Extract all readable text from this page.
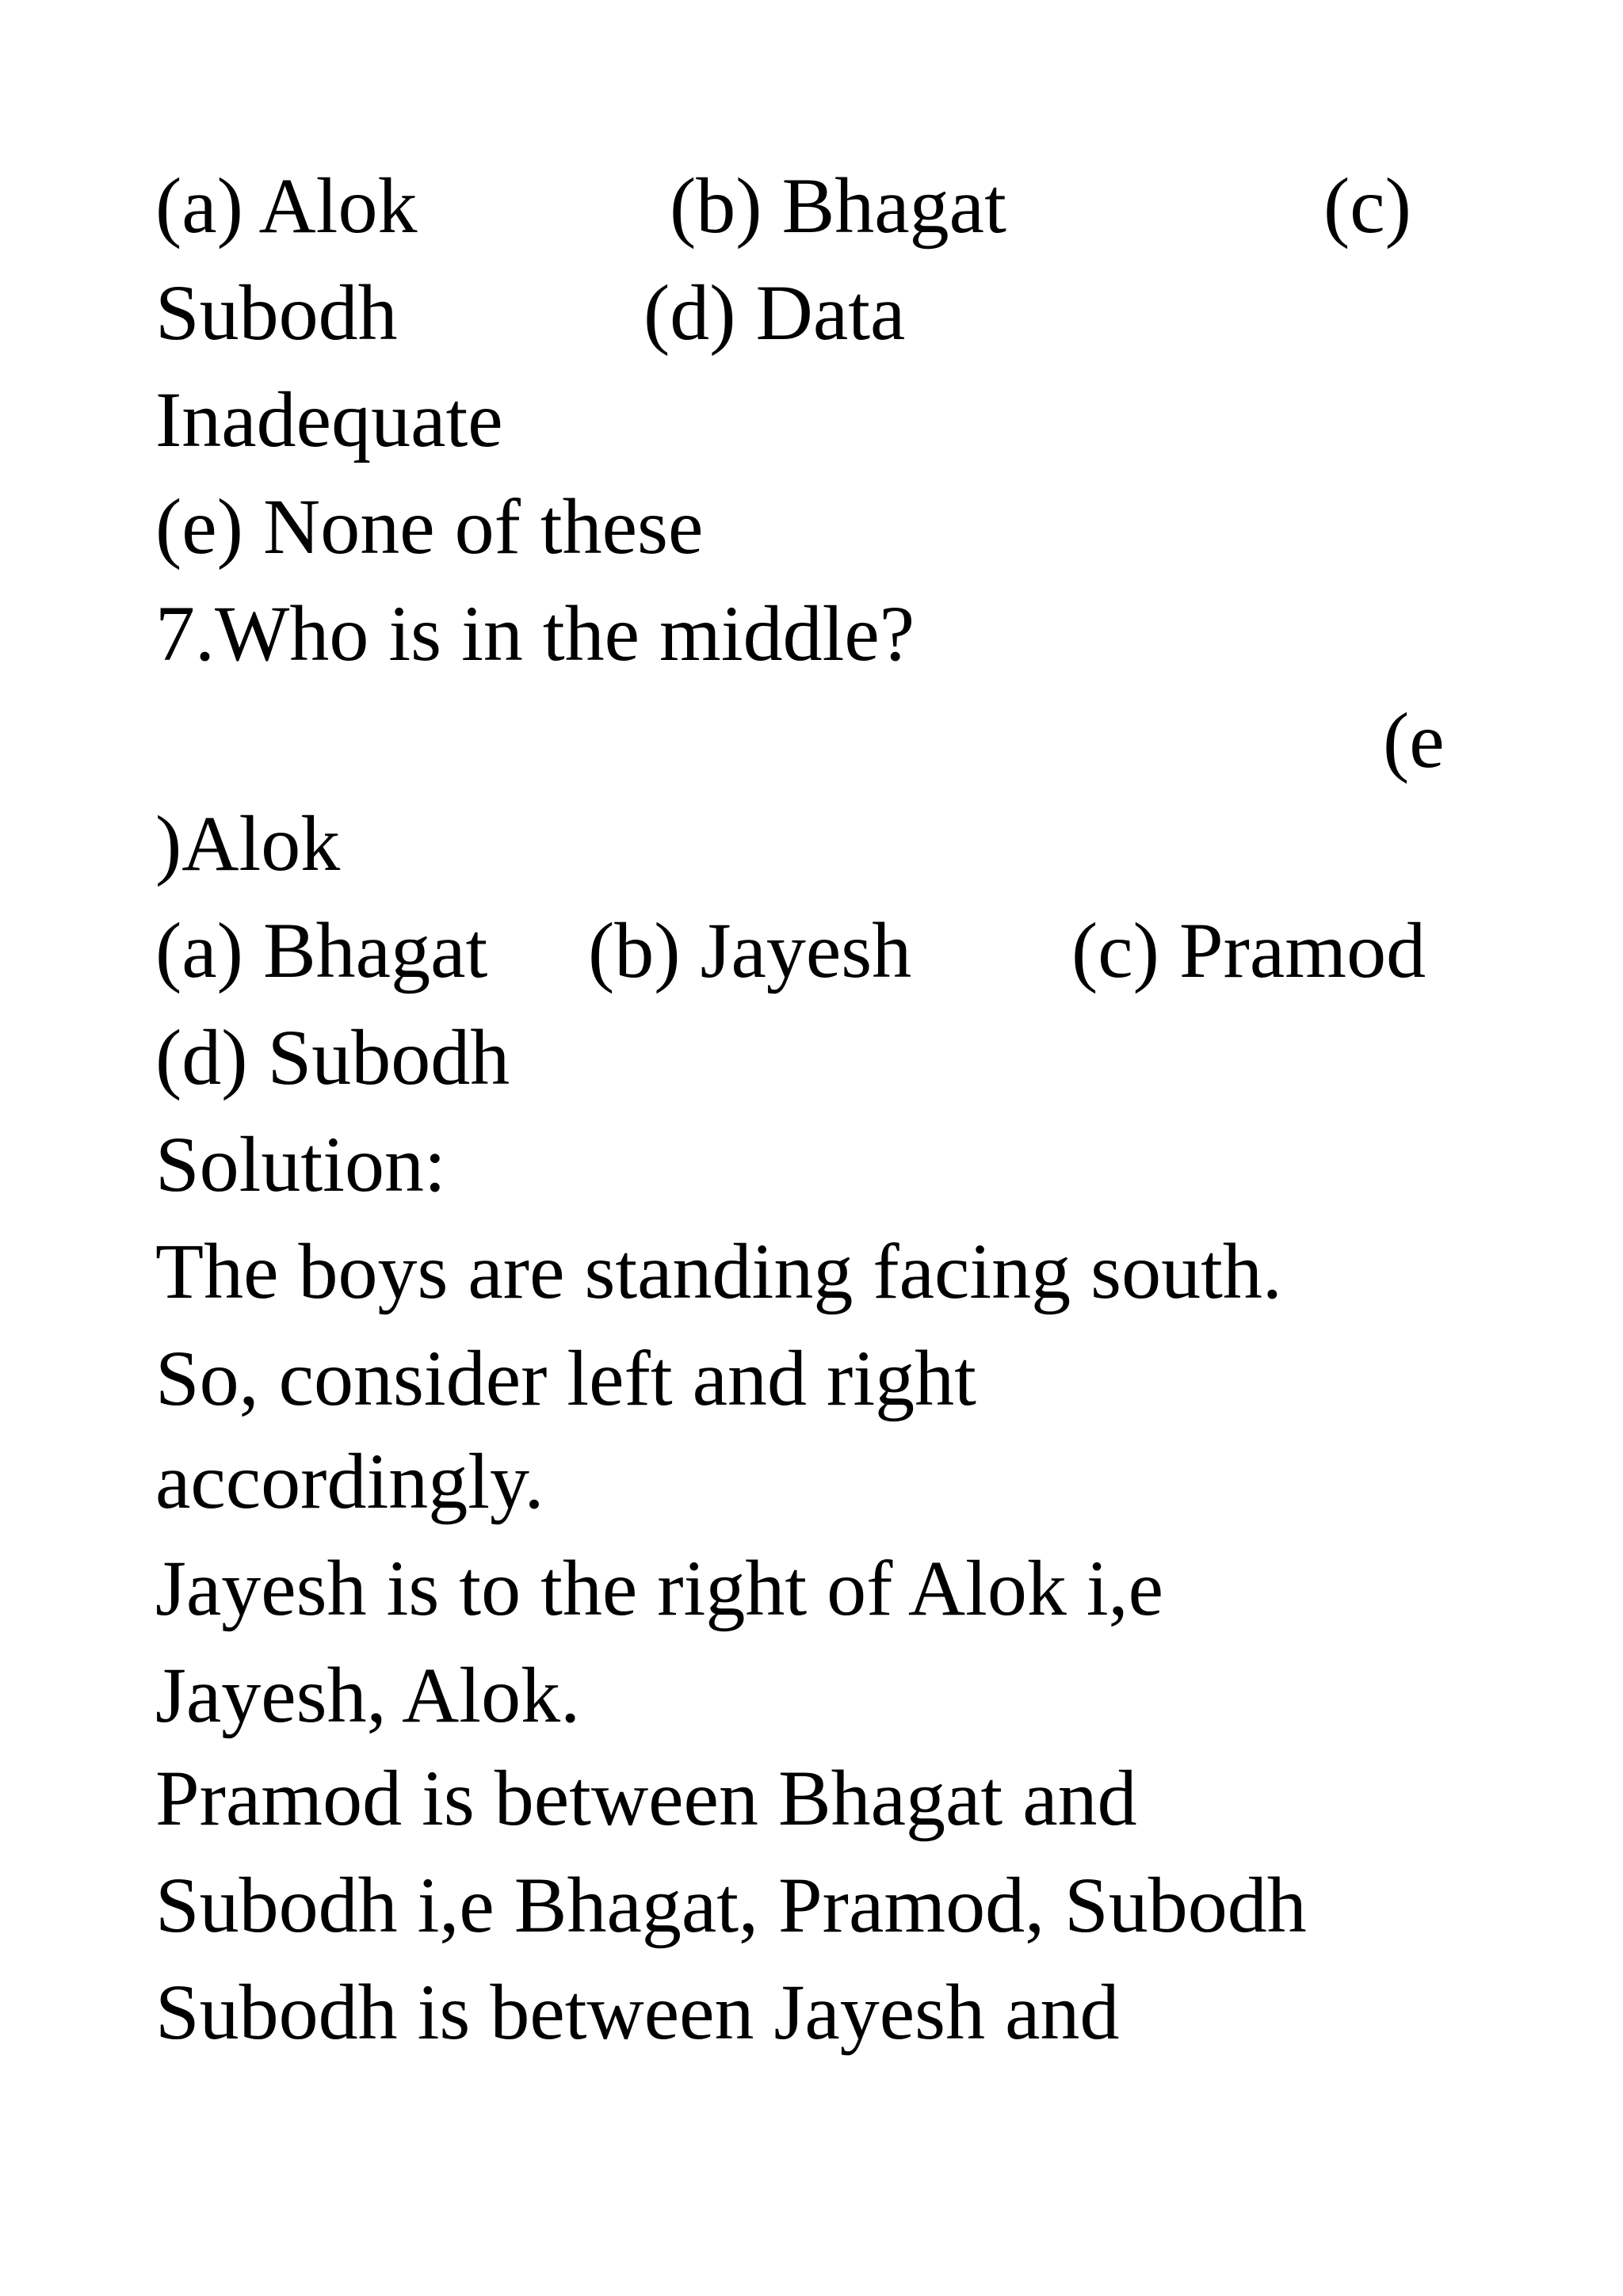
(a) Alok	(b) Bhagat	(c)
Subodh	(d) Data
Inadequate
(e) None of these
7.Who is in the middle?
(e
)Alok
(a) Bhagat (b) Jayesh (c) Pramod
(d) Subodh
Solution:
The boys are standing facing south.
So, consider left and right
accordingly.
Jayesh is to the right of Alok i,e
Jayesh, Alok.
Pramod is between Bhagat and
Subodh i,e Bhagat, Pramod, Subodh
Subodh is between Jayesh and
